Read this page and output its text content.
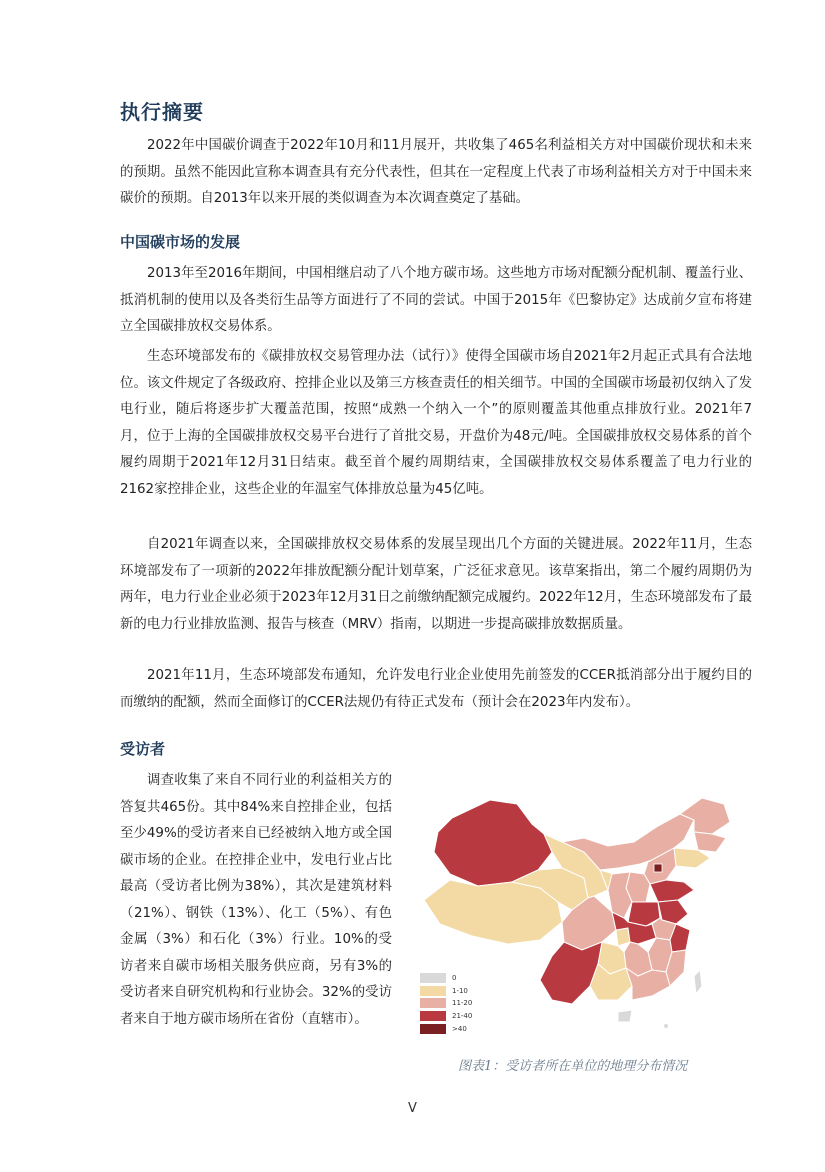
执行摘要

2022年中国碳价调查于2022年10月和11月展开，共收集了465名利益相关方对中国碳价现状和未来的预期。虽然不能因此宣称本调查具有充分代表性，但其在一定程度上代表了市场利益相关方对于中国未来碳价的预期。自2013年以来开展的类似调查为本次调查奠定了基础。

中国碳市场的发展

2013年至2016年期间，中国相继启动了八个地方碳市场。这些地方市场对配额分配机制、覆盖行业、抵消机制的使用以及各类衍生品等方面进行了不同的尝试。中国于2015年《巴黎协定》达成前夕宣布将建立全国碳排放权交易体系。

生态环境部发布的《碳排放权交易管理办法（试行）》使得全国碳市场自2021年2月起正式具有合法地位。该文件规定了各级政府、控排企业以及第三方核查责任的相关细节。中国的全国碳市场最初仅纳入了发电行业，随后将逐步扩大覆盖范围，按照“成熟一个纳入一个”的原则覆盖其他重点排放行业。2021年7月，位于上海的全国碳排放权交易平台进行了首批交易，开盘价为48元/吨。全国碳排放权交易体系的首个履约周期于2021年12月31日结束。截至首个履约周期结束，全国碳排放权交易体系覆盖了电力行业的2162家控排企业，这些企业的年温室气体排放总量为45亿吨。

自2021年调查以来，全国碳排放权交易体系的发展呈现出几个方面的关键进展。2022年11月，生态环境部发布了一项新的2022年排放配额分配计划草案，广泛征求意见。该草案指出，第二个履约周期仍为两年，电力行业企业必须于2023年12月31日之前缴纳配额完成履约。2022年12月，生态环境部发布了最新的电力行业排放监测、报告与核查（MRV）指南，以期进一步提高碳排放数据质量。

2021年11月，生态环境部发布通知，允许发电行业企业使用先前签发的CCER抵消部分出于履约目的而缴纳的配额，然而全面修订的CCER法规仍有待正式发布（预计会在2023年内发布）。

受访者

调查收集了来自不同行业的利益相关方的答复共465份。其中84%来自控排企业，包括至少49%的受访者来自已经被纳入地方或全国碳市场的企业。在控排企业中，发电行业占比最高（受访者比例为38%），其次是建筑材料（21%）、钢铁（13%）、化工（5%）、有色金属（3%）和石化（3%）行业。10%的受访者来自碳市场相关服务供应商，另有3%的受访者来自研究机构和行业协会。32%的受访者来自于地方碳市场所在省份（直辖市）。

0
1-10
11-20
21-40
>40

图表1：受访者所在单位的地理分布情况

V
